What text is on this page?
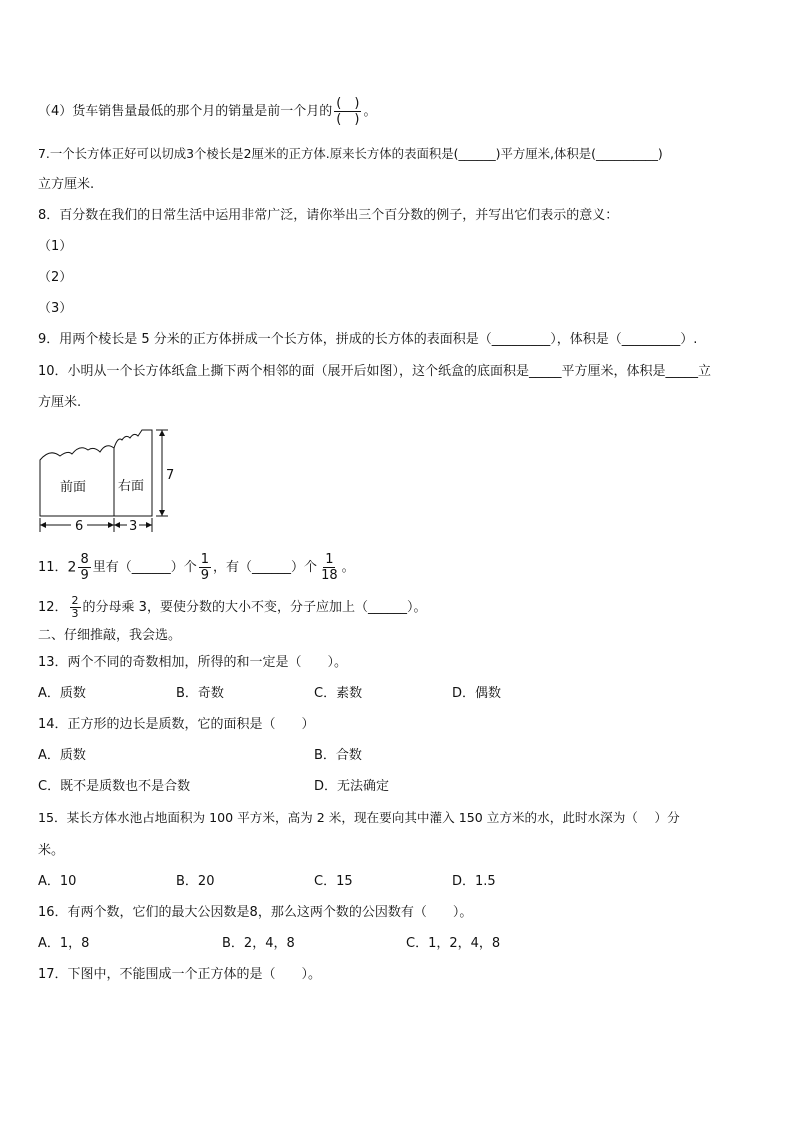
（4）货车销售量最低的那个月的销量是前一个月的 $\frac{( )}{( )}$ 。
7.一个长方体正好可以切成3个棱长是2厘米的正方体.原来长方体的表面积是(______)平方厘米,体积是(__________)
立方厘米.
8．百分数在我们的日常生活中运用非常广泛，请你举出三个百分数的例子，并写出它们表示的意义：
（1）
（2）
（3）
9．用两个棱长是 5 分米的正方体拼成一个长方体，拼成的长方体的表面积是（_________），体积是（_________）.
10．小明从一个长方体纸盒上撕下两个相邻的面（展开后如图），这个纸盒的底面积是_____平方厘米，体积是_____立
方厘米.
前面 右面
6	3
7
11．$2 \frac{8}{9}$ 里有（______）个 $\frac{1}{9}$ ，有（______）个 $\frac{1}{18}$ 。
12． $\frac{2}{3}$ 的分母乘 3，要使分数的大小不变，分子应加上（______）。
二、仔细推敲，我会选。
13．两个不同的奇数相加，所得的和一定是（　　）。
A．质数	B．奇数	C．素数	D．偶数
14．正方形的边长是质数，它的面积是（　　）
A．质数	B．合数
C．既不是质数也不是合数	D．无法确定
15．某长方体水池占地面积为 100 平方米，高为 2 米，现在要向其中灌入 150 立方米的水，此时水深为（　 ）分
米。
A．10	B．20	C．15	D．1.5
16．有两个数，它们的最大公因数是8，那么这两个数的公因数有（　　）。
A．1，8	B．2，4，8	C．1，2，4，8
17．下图中，不能围成一个正方体的是（　　）。
